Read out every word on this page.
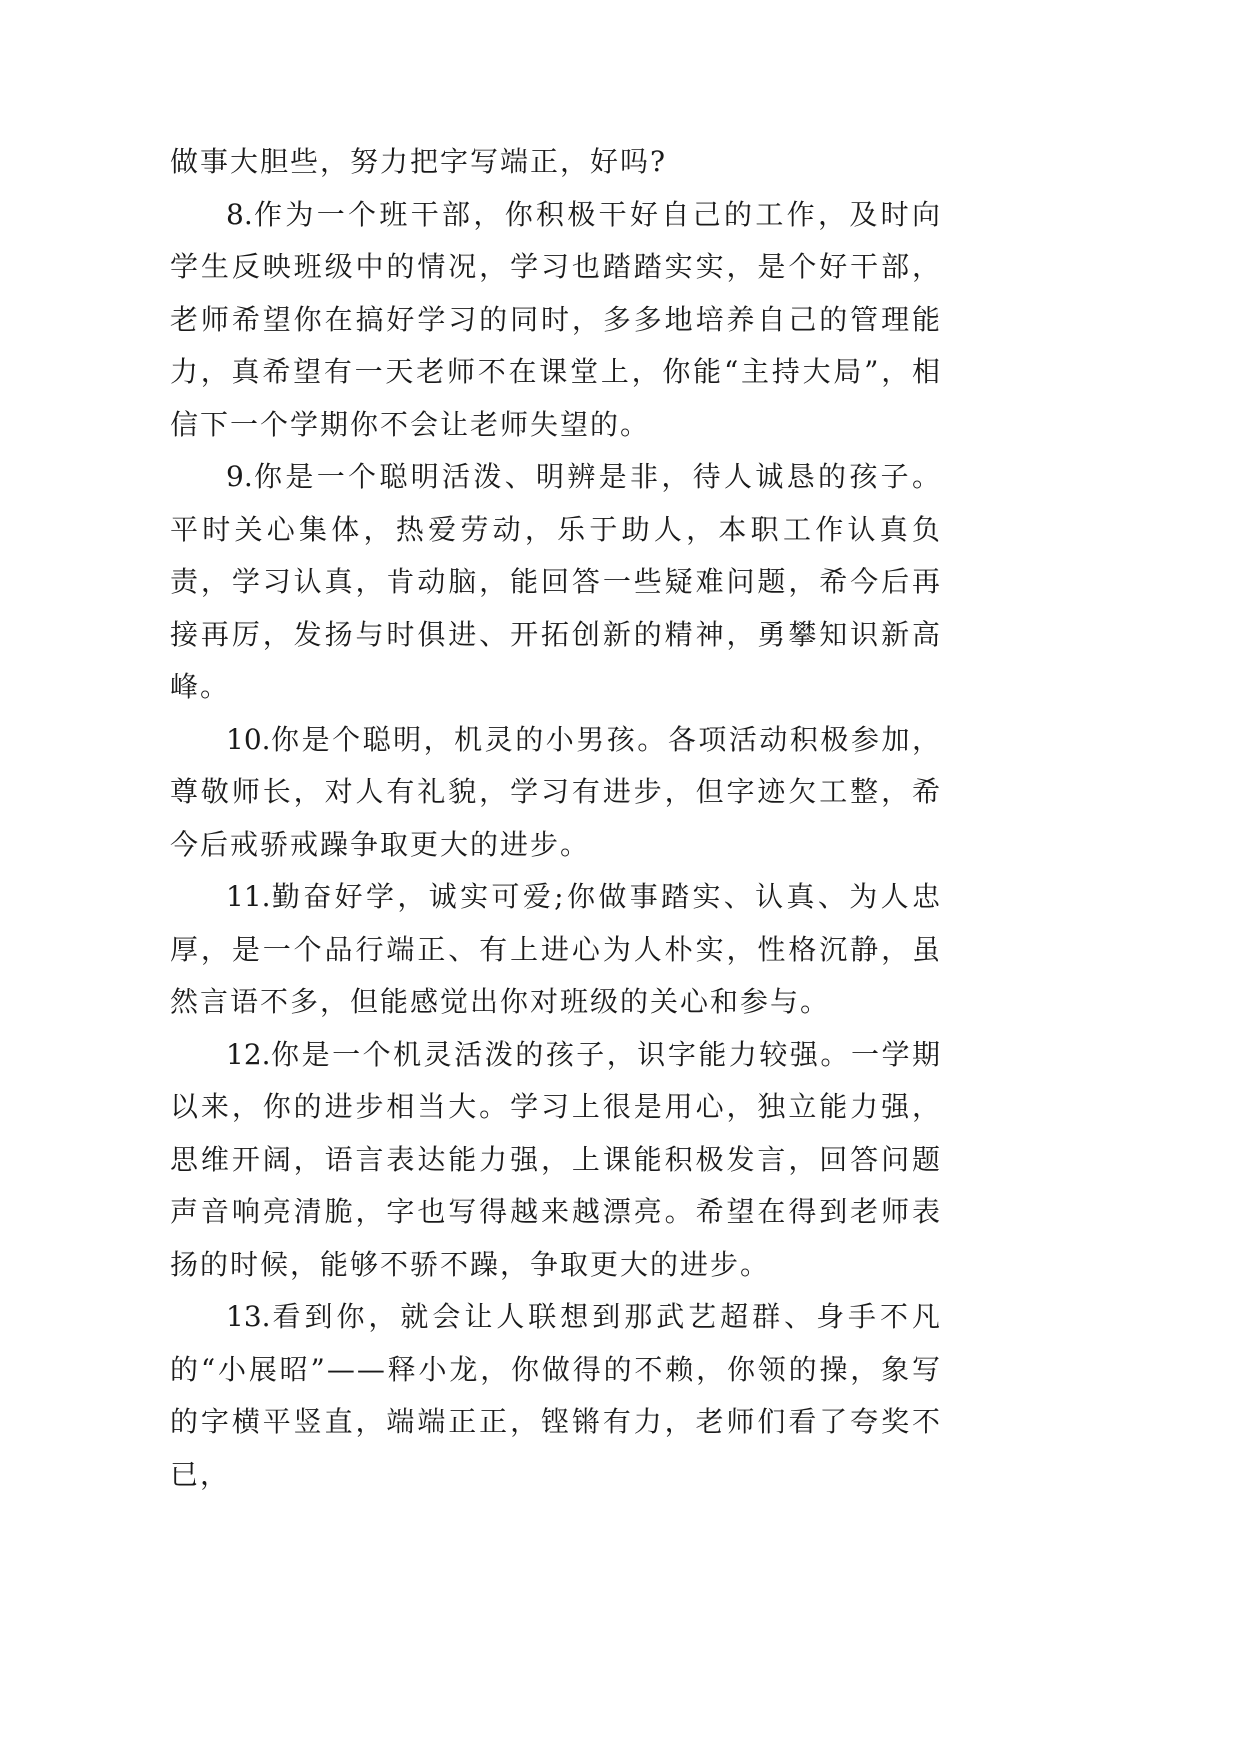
做事大胆些，努力把字写端正，好吗?

8.作为一个班干部，你积极干好自己的工作，及时向学生反映班级中的情况，学习也踏踏实实，是个好干部，老师希望你在搞好学习的同时，多多地培养自己的管理能力，真希望有一天老师不在课堂上，你能“主持大局”，相信下一个学期你不会让老师失望的。

9.你是一个聪明活泼、明辨是非，待人诚恳的孩子。平时关心集体，热爱劳动，乐于助人，本职工作认真负责，学习认真，肯动脑，能回答一些疑难问题，希今后再接再厉，发扬与时俱进、开拓创新的精神，勇攀知识新高峰。

10.你是个聪明，机灵的小男孩。各项活动积极参加，尊敬师长，对人有礼貌，学习有进步，但字迹欠工整，希今后戒骄戒躁争取更大的进步。

11.勤奋好学，诚实可爱;你做事踏实、认真、为人忠厚，是一个品行端正、有上进心为人朴实，性格沉静，虽然言语不多，但能感觉出你对班级的关心和参与。

12.你是一个机灵活泼的孩子，识字能力较强。一学期以来，你的进步相当大。学习上很是用心，独立能力强，思维开阔，语言表达能力强，上课能积极发言，回答问题声音响亮清脆，字也写得越来越漂亮。希望在得到老师表扬的时候，能够不骄不躁，争取更大的进步。

13.看到你，就会让人联想到那武艺超群、身手不凡的“小展昭”——释小龙，你做得的不赖，你领的操，象写的字横平竖直，端端正正，铿锵有力，老师们看了夸奖不已，
